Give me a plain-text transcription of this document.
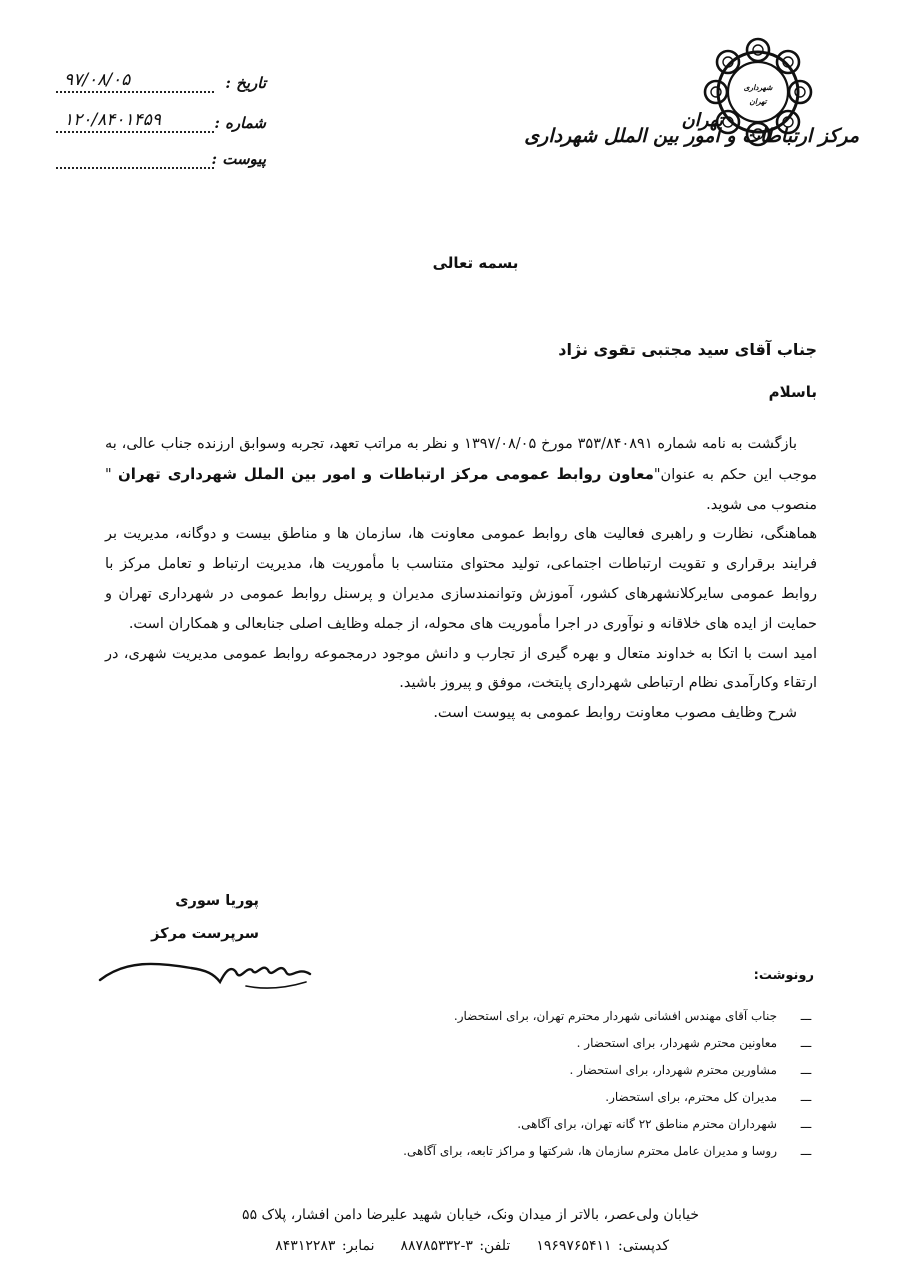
شهرداری
تهران
تهران
مرکز ارتباطات و امور بین الملل شهرداری
تاریخ :
۹۷/۰۸/۰۵
شماره :
۱۲۰/۸۴۰۱۴۵۹
پیوست :
بسمه تعالی
جناب آقای سید مجتبی تقوی نژاد
باسلام

بازگشت به نامه شماره ۳۵۳/۸۴۰۸۹۱ مورخ ۱۳۹۷/۰۸/۰۵ و نظر به مراتب تعهد، تجربه وسوابق ارزنده جناب عالی، به موجب این حکم به عنوان"معاون روابط عمومی مرکز ارتباطات و امور بین الملل شهرداری تهران " منصوب می شوید.

هماهنگی، نظارت و راهبری فعالیت های روابط عمومی معاونت ها، سازمان ها و مناطق بیست و دوگانه، مدیریت بر فرایند برقراری و تقویت ارتباطات اجتماعی، تولید محتوای متناسب با مأموریت ها، مدیریت ارتباط و تعامل مرکز با روابط عمومی سایرکلانشهرهای کشور، آموزش وتوانمندسازی مدیران و پرسنل روابط عمومی در شهرداری تهران و حمایت از ایده های خلاقانه و نوآوری در اجرا مأموریت های محوله، از جمله وظایف اصلی جنابعالی و همکاران است.

امید است با اتکا به خداوند متعال و بهره گیری از تجارب و دانش موجود درمجموعه روابط عمومی مدیریت شهری، در ارتقاء وکارآمدی نظام ارتباطی شهرداری پایتخت، موفق و پیروز باشید.

شرح وظایف مصوب معاونت روابط عمومی به پیوست است.

پوریا سوری
سرپرست مرکز
رونوشت:
ـــ
جناب آقای مهندس افشانی شهردار محترم تهران، برای استحضار.
ـــ
معاونین محترم شهردار، برای استحضار .
ـــ
مشاورین محترم شهردار، برای استحضار .
ـــ
مدیران کل محترم، برای استحضار.
ـــ
شهرداران محترم مناطق ۲۲ گانه تهران، برای آگاهی.
ـــ
روسا و مدیران عامل محترم سازمان ها، شرکتها و مراکز تابعه، برای آگاهی.
خیابان ولی‌عصر، بالاتر از میدان ونک، خیابان شهید علیرضا دامن افشار، پلاک ۵۵
کدپستی: ۱۹۶۹۷۶۵۴۱۱تلفن: ۳-۸۸۷۸۵۳۳۲نمابر: ۸۴۳۱۲۲۸۳
